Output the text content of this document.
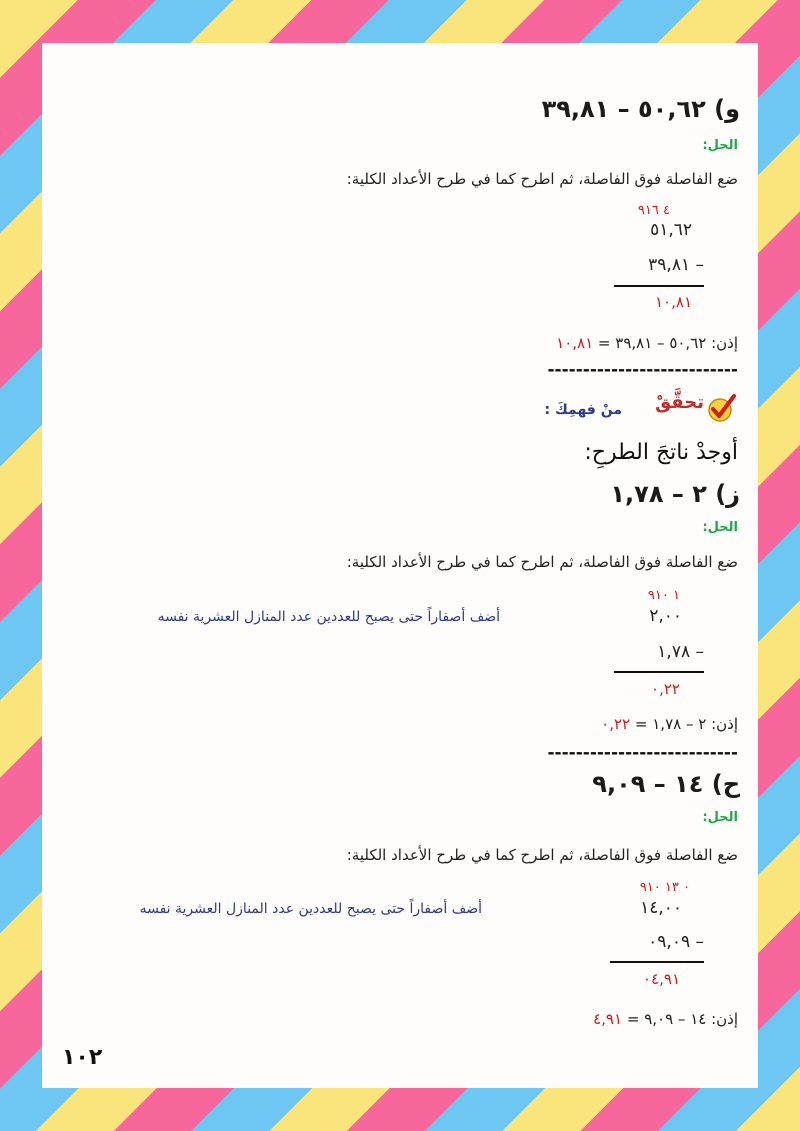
و) ٥٠,٦٢ – ٣٩,٨١
الحل:
ضع الفاصلة فوق الفاصلة، ثم اطرح كما في طرح الأعداد الكلية:
٤ ٩١٦
٥١,٦٢
– ٣٩,٨١
١٠,٨١
إذن: ٥٠,٦٢ – ٣٩,٨١ = ١٠,٨١
---------------------------
تحقَّقْ
منْ فهمِكَ :
أوجدْ ناتجَ الطرحِ:
ز) ٢ – ١,٧٨
الحل:
ضع الفاصلة فوق الفاصلة، ثم اطرح كما في طرح الأعداد الكلية:
١ ٩١٠
٢,٠٠
أضف أصفاراً حتى يصبح للعددين عدد المنازل العشرية نفسه
– ١,٧٨
٠,٢٢
إذن: ٢ – ١,٧٨ = ٠,٢٢
---------------------------
ح) ١٤ – ٩,٠٩
الحل:
ضع الفاصلة فوق الفاصلة، ثم اطرح كما في طرح الأعداد الكلية:
٠ ١٣ ٩١٠
١٤,٠٠
أضف أصفاراً حتى يصبح للعددين عدد المنازل العشرية نفسه
– ٠٩,٠٩
٠٤,٩١
إذن: ١٤ – ٩,٠٩ = ٤,٩١
١٠٢
